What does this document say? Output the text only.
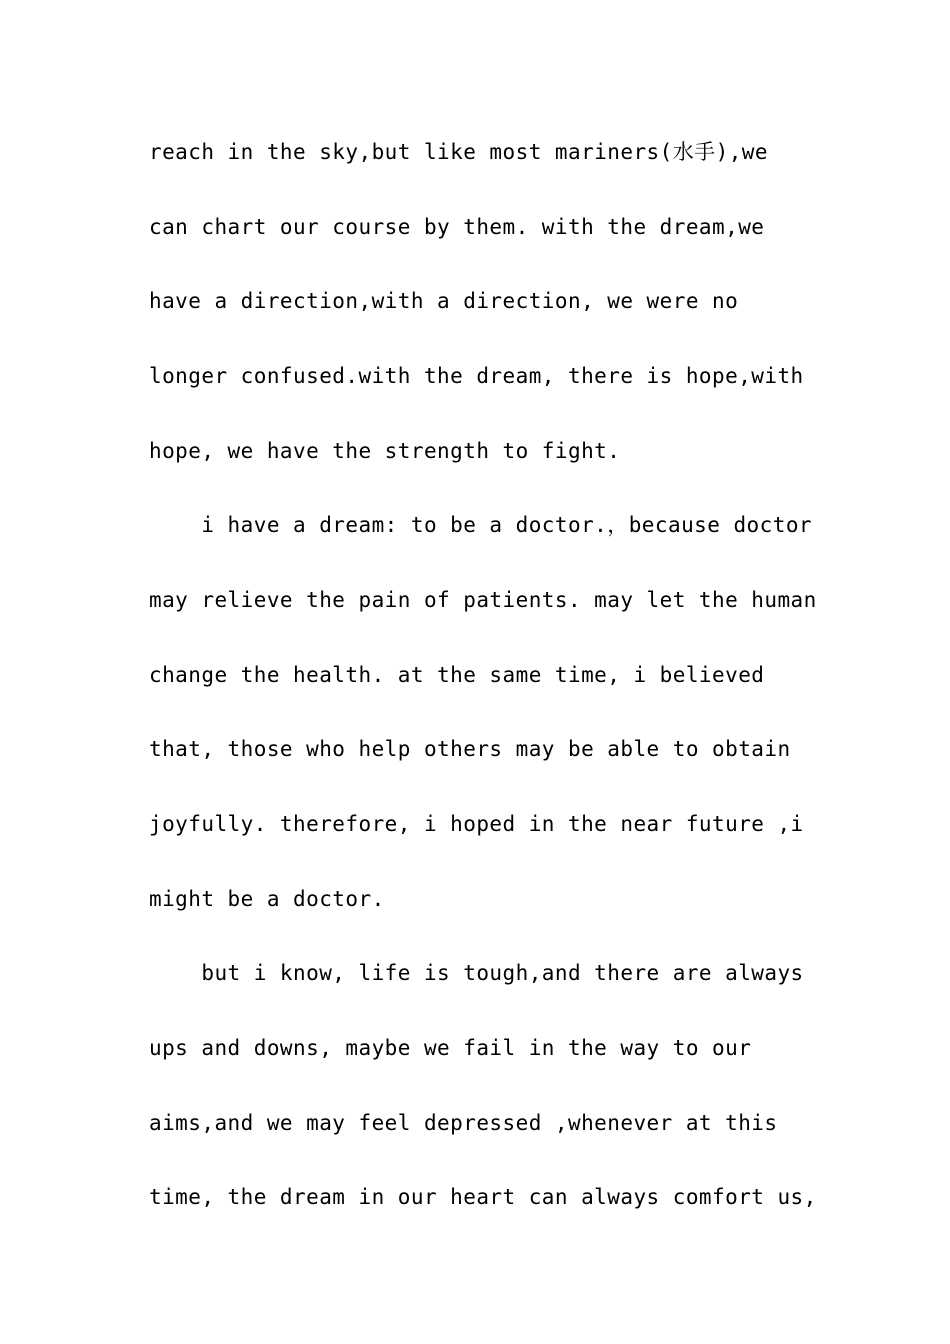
reach in the sky,but like most mariners(水手),we
can chart our course by them. with the dream,we
have a direction,with a direction, we were no
longer confused.with the dream, there is hope,with
hope, we have the strength to fight.
i have a dream: to be a doctor.，because doctor
may relieve the pain of patients. may let the human
change the health. at the same time, i believed
that, those who help others may be able to obtain
joyfully. therefore, i hoped in the near future ,i
might be a doctor.
but i know, life is tough,and there are always
ups and downs, maybe we fail in the way to our
aims,and we may feel depressed ,whenever at this
time, the dream in our heart can always comfort us,
